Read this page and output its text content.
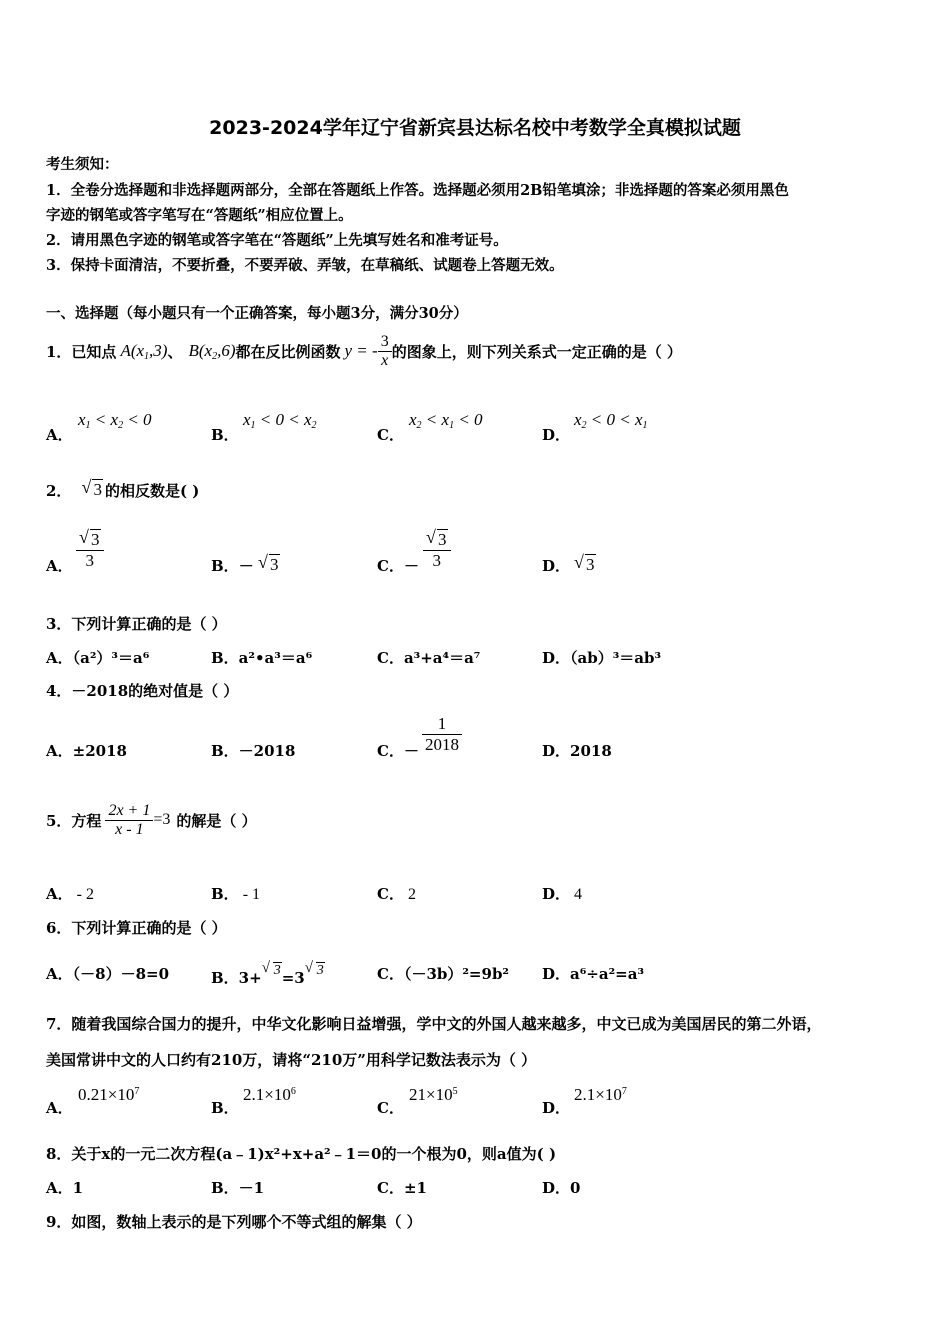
2023-2024学年辽宁省新宾县达标名校中考数学全真模拟试题
考生须知：
1．全卷分选择题和非选择题两部分，全部在答题纸上作答。选择题必须用2B铅笔填涂；非选择题的答案必须用黑色
字迹的钢笔或答字笔写在“答题纸”相应位置上。
2．请用黑色字迹的钢笔或答字笔在“答题纸”上先填写姓名和准考证号。
3．保持卡面清洁，不要折叠，不要弄破、弄皱，在草稿纸、试题卷上答题无效。
一、选择题（每小题只有一个正确答案，每小题3分，满分30分）
1．已知点 $A(x_1,3)$ 、 $B(x_2,6)$ 都在反比例函数 y = - $\frac{3}{x}$ 的图象上，则下列关系式一定正确的是（ ）
A．
$x_1 < x_2 < 0$
B．
$x_1 < 0 < x_2$
C．
$x_2 < x_1 < 0$
D．
$x_2 < 0 < x_1$
2． √ 3 的相反数是( )
A． $\frac{√ 3}{3}$	B．－ √ 3	C．－ $\frac{√ 3}{3}$	D． √ 3
3．下列计算正确的是（ ）
A．（a²）³＝a⁶	B．a²•a³＝a⁶	C．a³+a⁴＝a⁷	D．（ab）³＝ab³
4．－2018的绝对值是（ ）
A．±2018	B．－2018	C．－ $\frac{1}{2018}$	D．2018
5．方程 $\frac{2x + 1}{x - 1} =3$ 的解是（ ）
A． - 2	B． - 1	C． 2	D． 4
6．下列计算正确的是（ ）
A．（－8）－8=0	B．3+
√ 3=3
√ 3	C．（－3b）²=9b² D．a⁶÷a²=a³
7．随着我国综合国力的提升，中华文化影响日益增强，学中文的外国人越来越多，中文已成为美国居民的第二外语，
美国常讲中文的人口约有210万，请将“210万”用科学记数法表示为（ ）
A．
$0.21\times 10^7$
B．
$2.1\times 10^6$
C．
$21\times 10^5$
D．
$2.1\times 10^7$
8．关于x的一元二次方程(a﹣1)x²+x+a²﹣1＝0的一个根为0，则a值为( )
A．1	B．－1	C．±1	D．0
9．如图，数轴上表示的是下列哪个不等式组的解集（ ）
